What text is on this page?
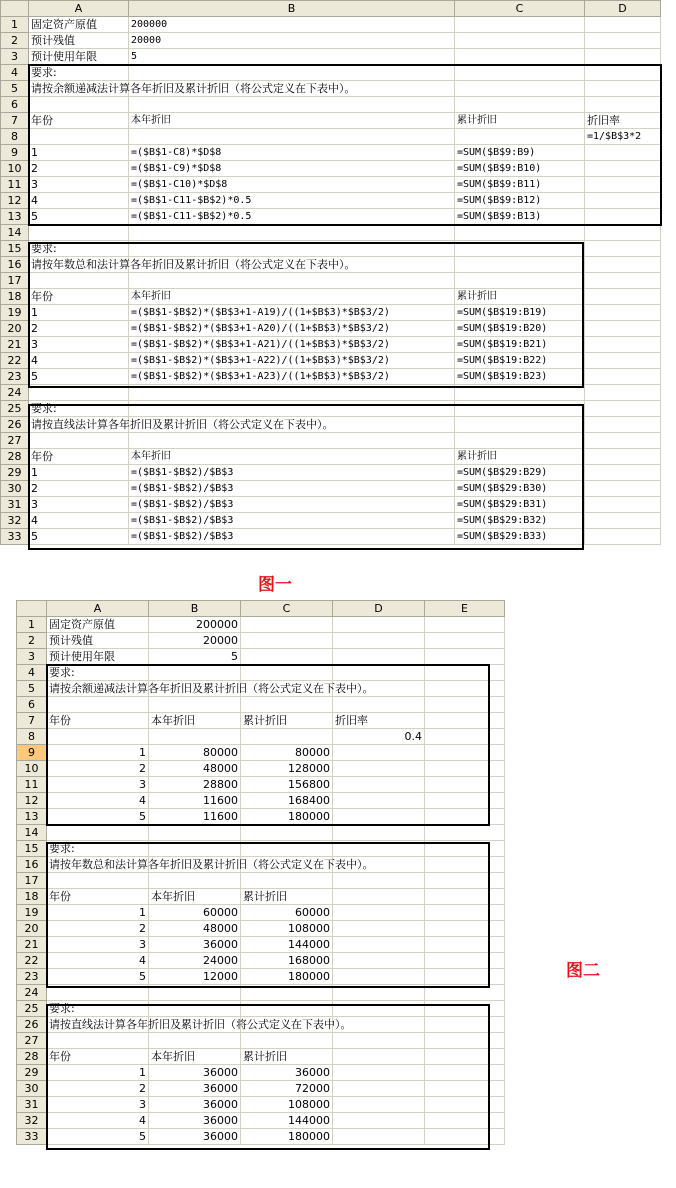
	A	B	C	D	
1	固定资产原值	200000			
2	预计残值	20000			
3	预计使用年限	5			
4	要求:				
5	请按余额递减法计算各年折旧及累计折旧（将公式定义在下表中）。				
6					
7	年份	本年折旧	累计折旧	折旧率	
8				=1/$B$3*2	
9	1	=($B$1-C8)*$D$8	=SUM($B$9:B9)		
10	2	=($B$1-C9)*$D$8	=SUM($B$9:B10)		
11	3	=($B$1-C10)*$D$8	=SUM($B$9:B11)		
12	4	=($B$1-C11-$B$2)*0.5	=SUM($B$9:B12)		
13	5	=($B$1-C11-$B$2)*0.5	=SUM($B$9:B13)		
14					
15	要求:				
16	请按年数总和法计算各年折旧及累计折旧（将公式定义在下表中）。				
17					
18	年份	本年折旧	累计折旧		
19	1	=($B$1-$B$2)*($B$3+1-A19)/((1+$B$3)*$B$3/2)	=SUM($B$19:B19)		
20	2	=($B$1-$B$2)*($B$3+1-A20)/((1+$B$3)*$B$3/2)	=SUM($B$19:B20)		
21	3	=($B$1-$B$2)*($B$3+1-A21)/((1+$B$3)*$B$3/2)	=SUM($B$19:B21)		
22	4	=($B$1-$B$2)*($B$3+1-A22)/((1+$B$3)*$B$3/2)	=SUM($B$19:B22)		
23	5	=($B$1-$B$2)*($B$3+1-A23)/((1+$B$3)*$B$3/2)	=SUM($B$19:B23)		
24					
25	要求:				
26	请按直线法计算各年折旧及累计折旧（将公式定义在下表中）。				
27					
28	年份	本年折旧	累计折旧		
29	1	=($B$1-$B$2)/$B$3	=SUM($B$29:B29)		
30	2	=($B$1-$B$2)/$B$3	=SUM($B$29:B30)		
31	3	=($B$1-$B$2)/$B$3	=SUM($B$29:B31)		
32	4	=($B$1-$B$2)/$B$3	=SUM($B$29:B32)		
33	5	=($B$1-$B$2)/$B$3	=SUM($B$29:B33)		
图一
	A	B	C	D	E
1	固定资产原值	200000			
2	预计残值	20000			
3	预计使用年限	5			
4	要求:				
5	请按余额递减法计算各年折旧及累计折旧（将公式定义在下表中）。				
6					
7	年份	本年折旧	累计折旧	折旧率	
8				0.4	
9	1	80000	80000		
10	2	48000	128000		
11	3	28800	156800		
12	4	11600	168400		
13	5	11600	180000		
14					
15	要求:				
16	请按年数总和法计算各年折旧及累计折旧（将公式定义在下表中）。				
17					
18	年份	本年折旧	累计折旧		
19	1	60000	60000		
20	2	48000	108000		
21	3	36000	144000		
22	4	24000	168000		
23	5	12000	180000		
24					
25	要求:				
26	请按直线法计算各年折旧及累计折旧（将公式定义在下表中）。				
27					
28	年份	本年折旧	累计折旧		
29	1	36000	36000		
30	2	36000	72000		
31	3	36000	108000		
32	4	36000	144000		
33	5	36000	180000		
图二
